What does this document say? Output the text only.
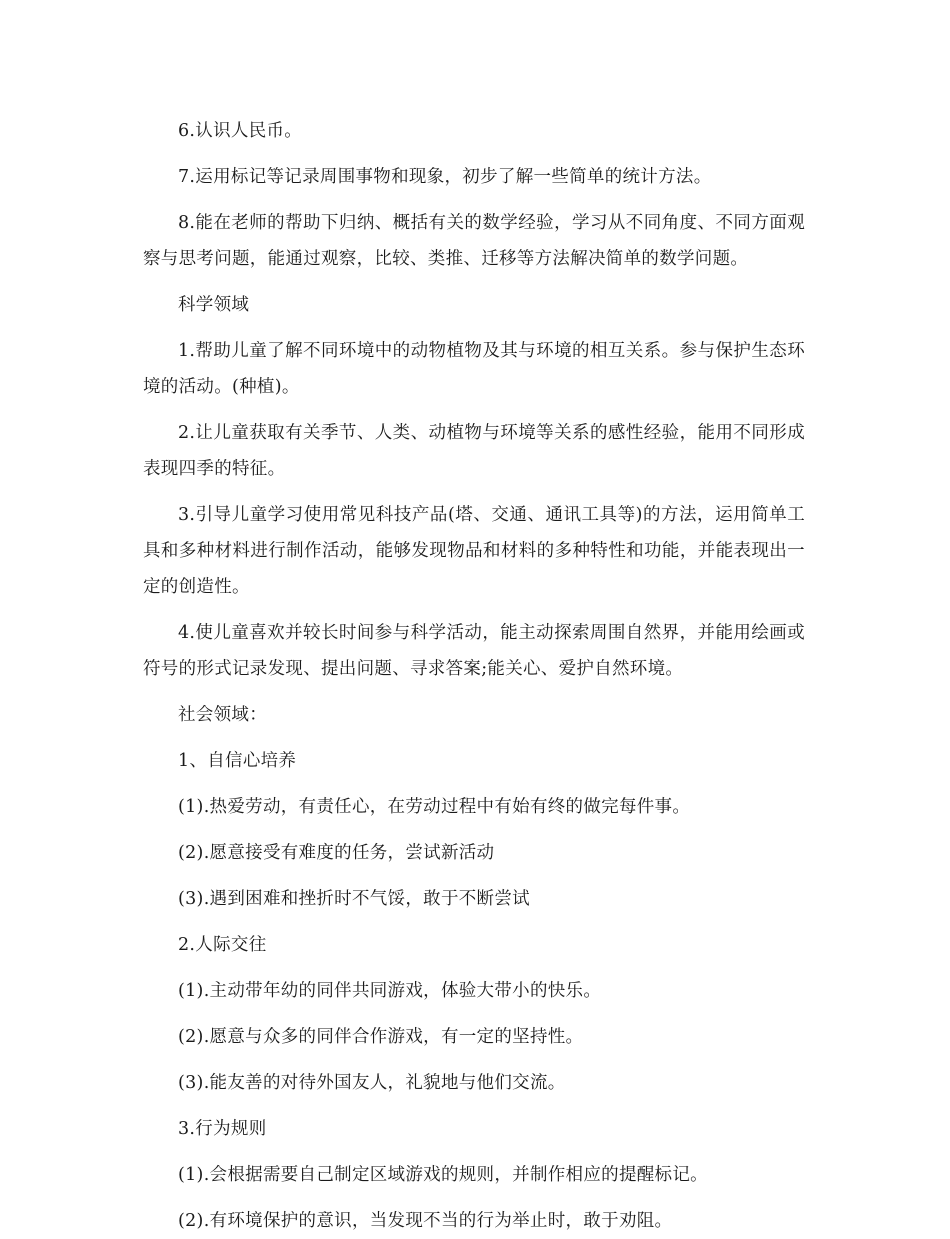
6.认识人民币。

7.运用标记等记录周围事物和现象，初步了解一些简单的统计方法。

8.能在老师的帮助下归纳、概括有关的数学经验，学习从不同角度、不同方面观察与思考问题，能通过观察，比较、类推、迁移等方法解决简单的数学问题。

科学领域

1.帮助儿童了解不同环境中的动物植物及其与环境的相互关系。参与保护生态环境的活动。(种植)。

2.让儿童获取有关季节、人类、动植物与环境等关系的感性经验，能用不同形成表现四季的特征。

3.引导儿童学习使用常见科技产品(塔、交通、通讯工具等)的方法，运用简单工具和多种材料进行制作活动，能够发现物品和材料的多种特性和功能，并能表现出一定的创造性。

4.使儿童喜欢并较长时间参与科学活动，能主动探索周围自然界，并能用绘画或符号的形式记录发现、提出问题、寻求答案;能关心、爱护自然环境。

社会领域：

1、自信心培养

(1).热爱劳动，有责任心，在劳动过程中有始有终的做完每件事。

(2).愿意接受有难度的任务，尝试新活动

(3).遇到困难和挫折时不气馁，敢于不断尝试

2.人际交往

(1).主动带年幼的同伴共同游戏，体验大带小的快乐。

(2).愿意与众多的同伴合作游戏，有一定的坚持性。

(3).能友善的对待外国友人，礼貌地与他们交流。

3.行为规则

(1).会根据需要自己制定区域游戏的规则，并制作相应的提醒标记。

(2).有环境保护的意识，当发现不当的行为举止时，敢于劝阻。
